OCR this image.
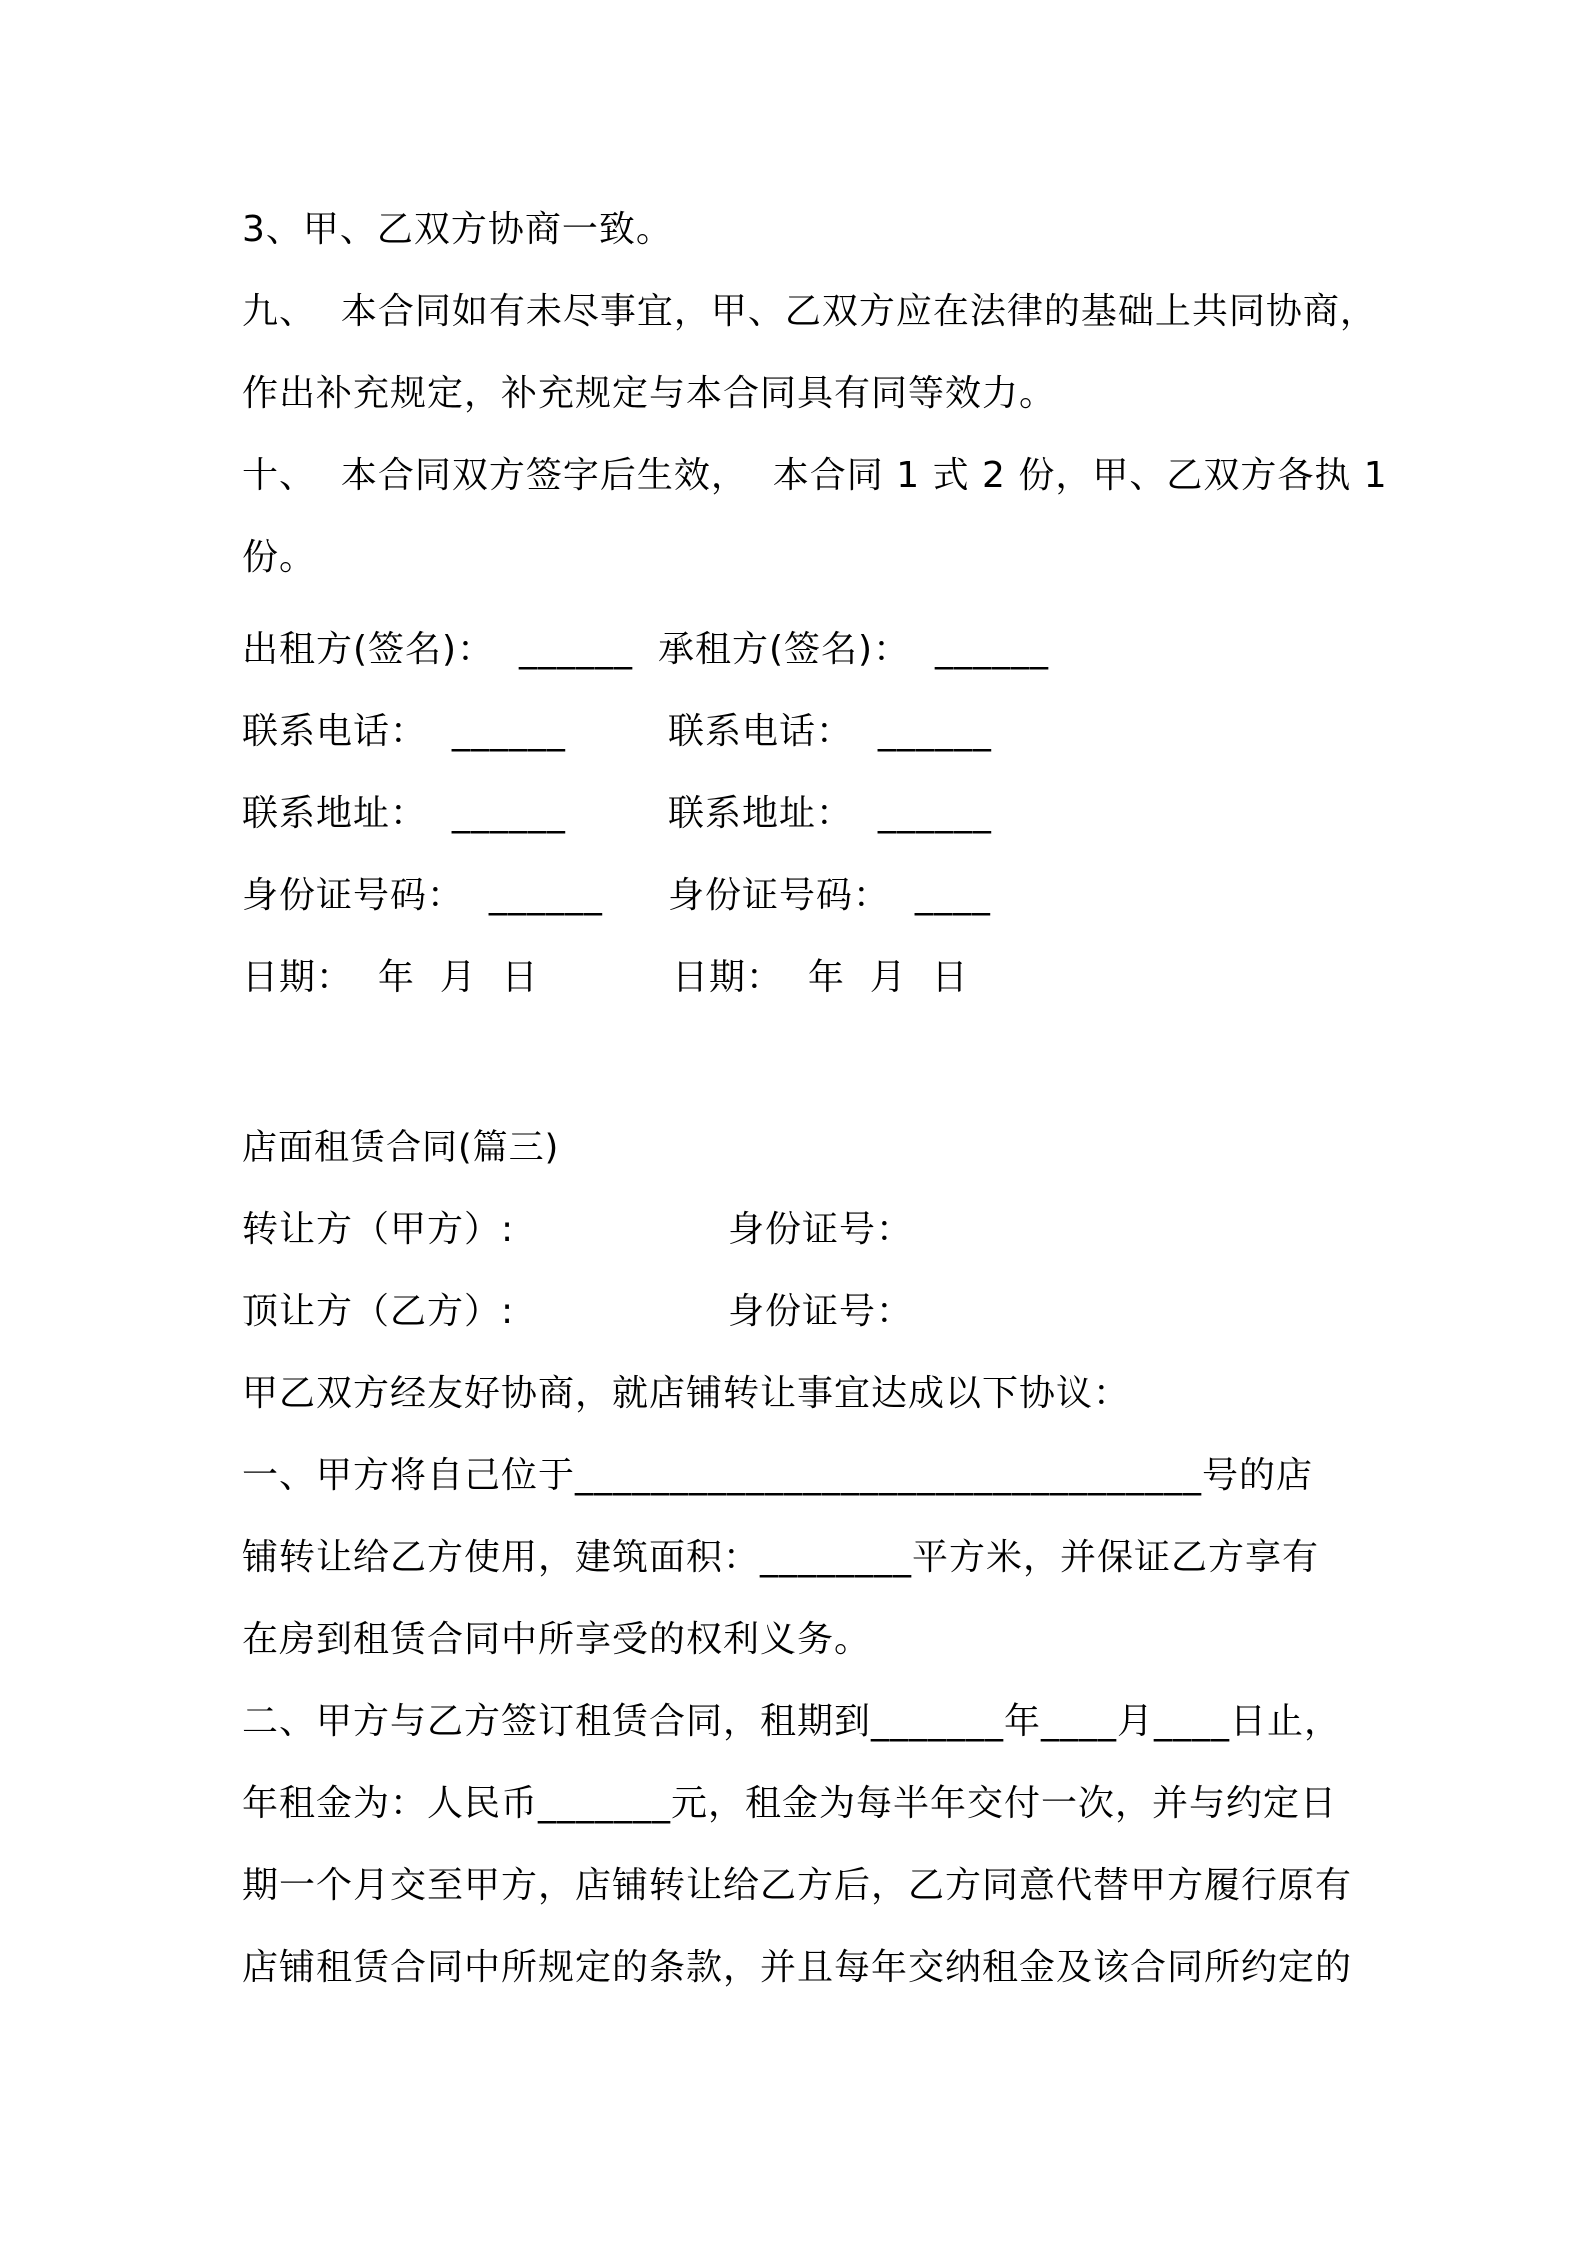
3、甲、乙双方协商一致。
九、  本合同如有未尽事宜，甲、乙双方应在法律的基础上共同协商，
作出补充规定，补充规定与本合同具有同等效力。
十、  本合同双方签字后生效，  本合同 1 式 2 份，甲、乙双方各执 1
份。
出租方(签名)：  ______ 承租方(签名)：  ______
联系电话：  ______	联系电话：  ______
联系地址：  ______	联系地址：  ______
身份证号码：  ______ 身份证号码：  ____
日期：  年  月  日	日期：  年  月  日
店面租赁合同(篇三)
转让方（甲方）:	身份证号：
顶让方（乙方）:	身份证号：
甲乙双方经友好协商，就店铺转让事宜达成以下协议：
一、甲方将自己位于_________________________________号的店
铺转让给乙方使用，建筑面积：________平方米，并保证乙方享有
在房到租赁合同中所享受的权利义务。
二、甲方与乙方签订租赁合同，租期到_______年____月____日止，
年租金为：人民币_______元，租金为每半年交付一次，并与约定日
期一个月交至甲方，店铺转让给乙方后，乙方同意代替甲方履行原有
店铺租赁合同中所规定的条款，并且每年交纳租金及该合同所约定的
